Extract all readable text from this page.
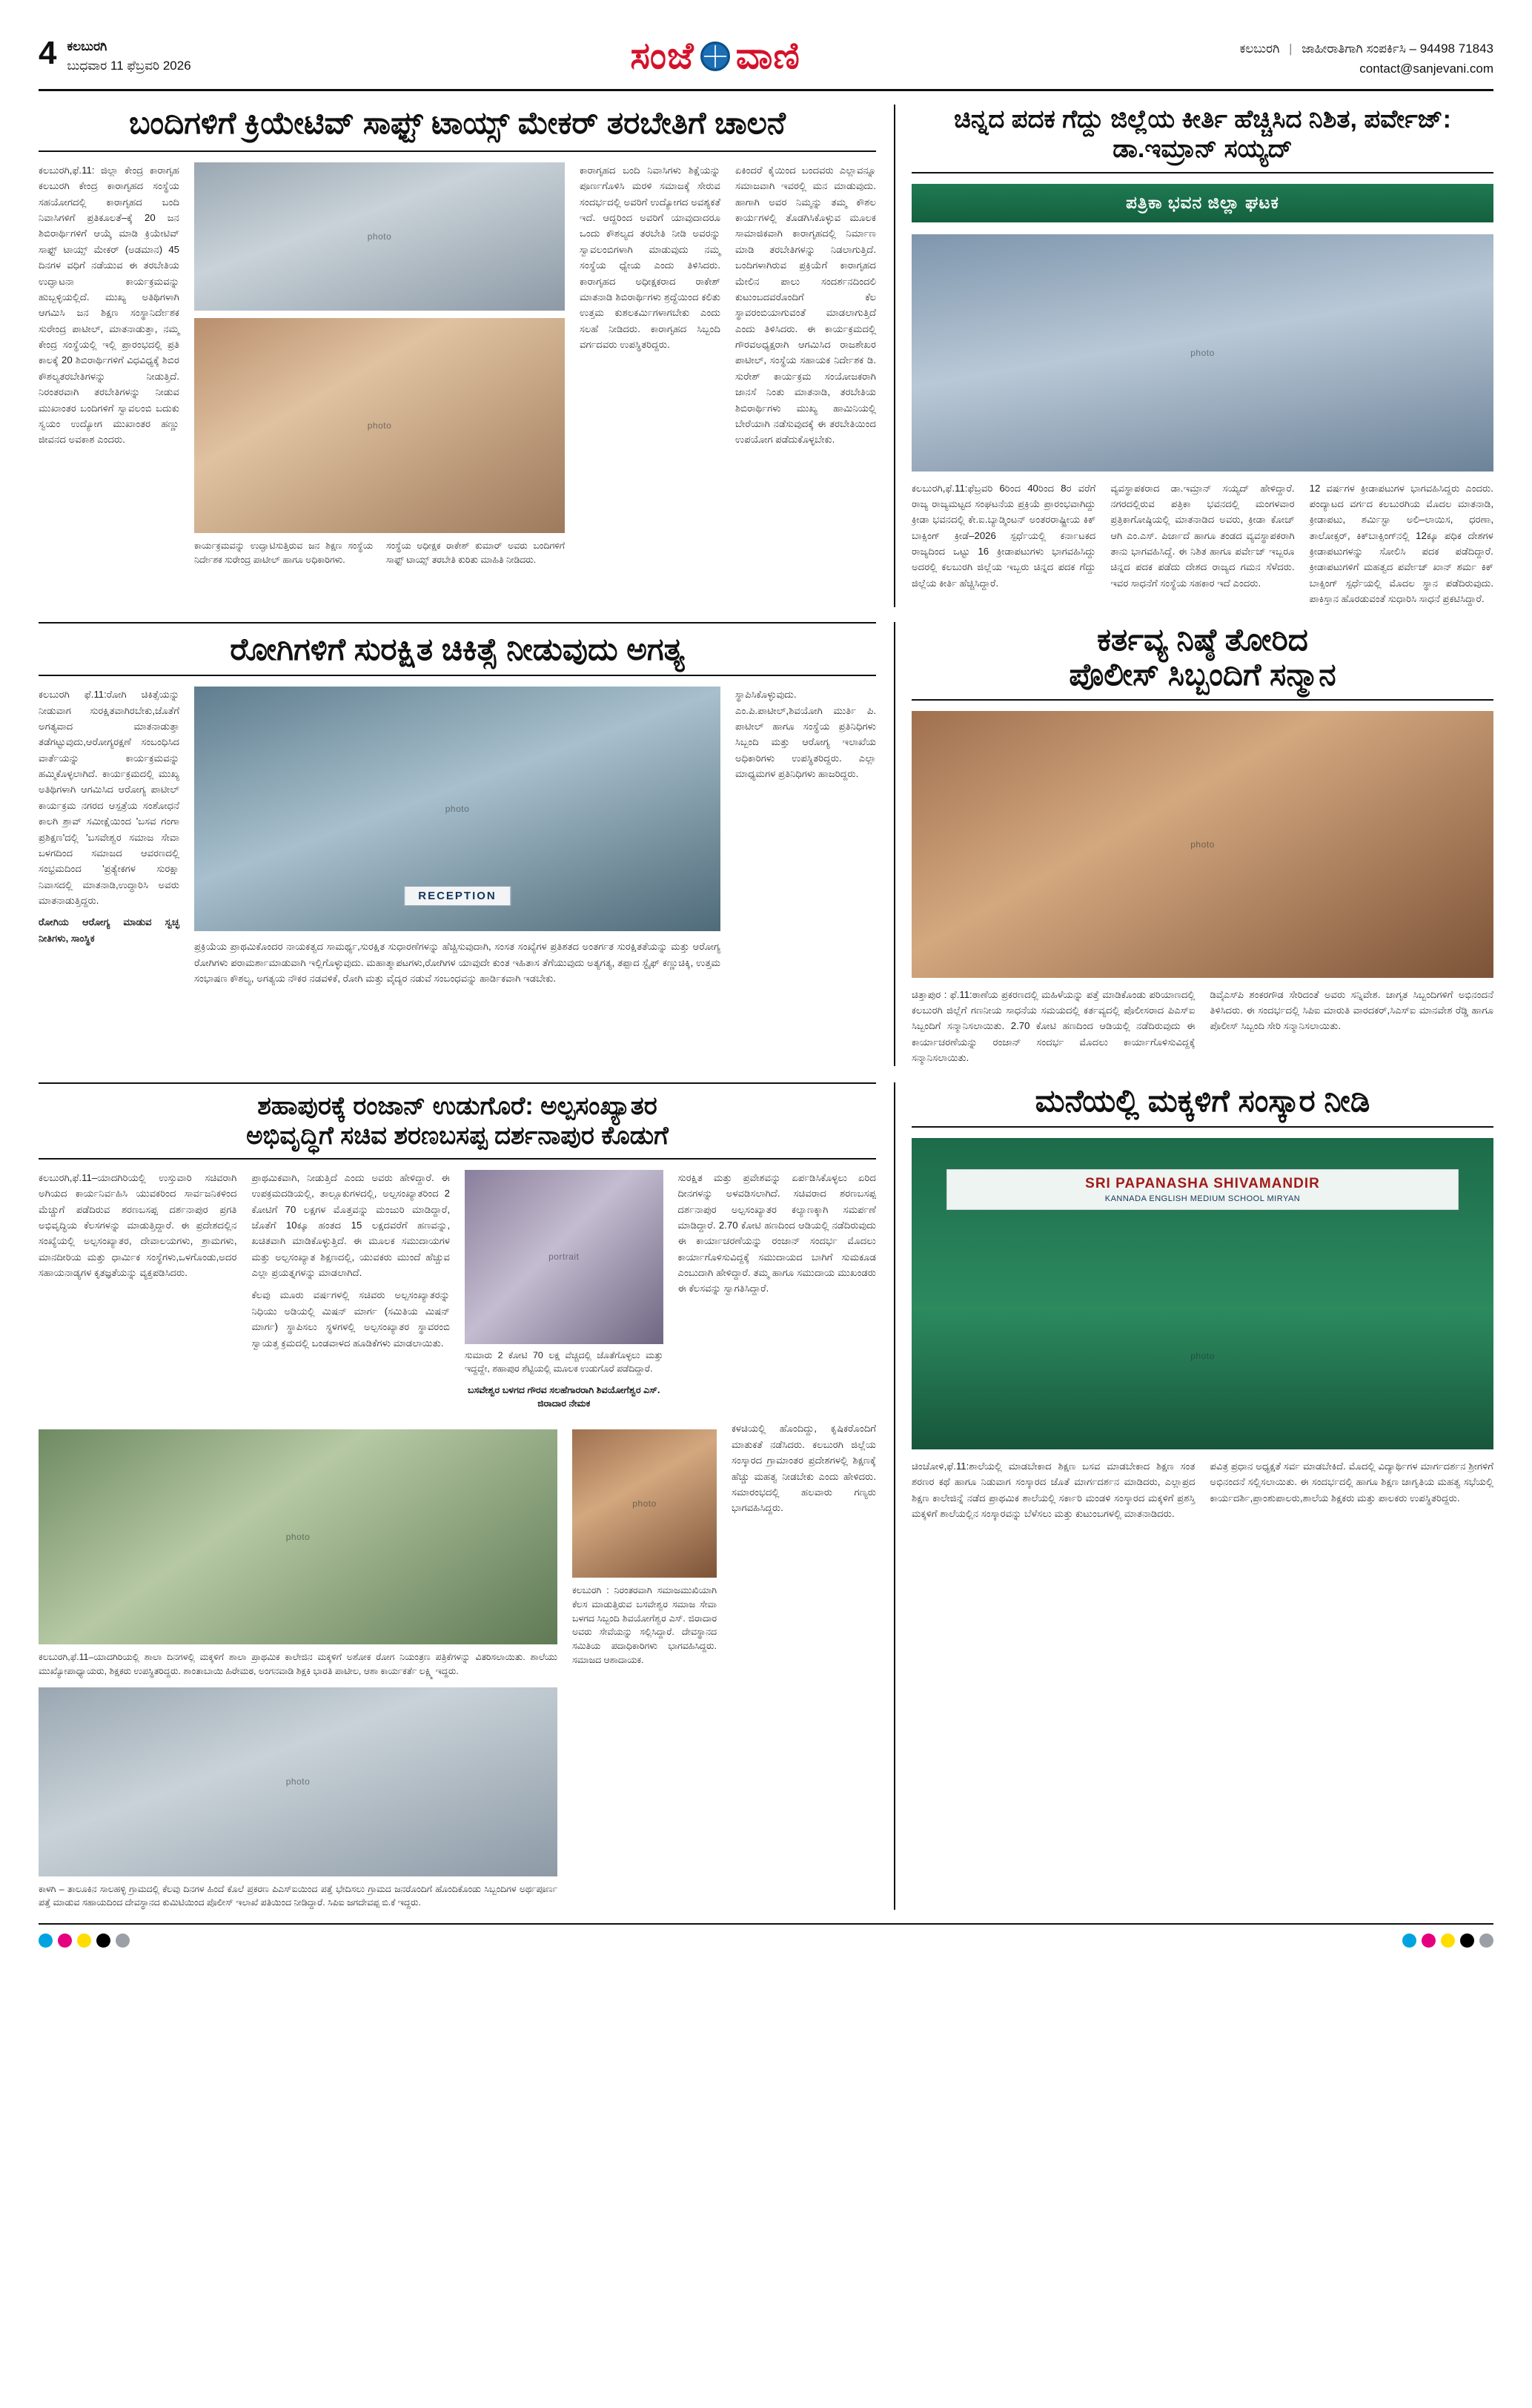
4 ಕಲಬುರಗಿ
ಬುಧವಾರ 11 ಫೆಬ್ರವರಿ 2026	ಸಂಜೆ ವಾಣಿ	ಕಲಬುರಗಿ | ಜಾಹೀರಾತಿಗಾಗಿ ಸಂಪರ್ಕಿಸಿ – 94498 71843
contact@sanjevani.com
ಬಂದಿಗಳಿಗೆ ಕ್ರಿಯೇಟಿವ್ ಸಾಫ್ಟ್ ಟಾಯ್ಸ್ ಮೇಕರ್ ತರಬೇತಿಗೆ ಚಾಲನೆ
ಕಲಬುರಗಿ,ಫೆ.11: ಜಿಲ್ಲಾ ಕೇಂದ್ರ ಕಾರಾಗೃಹ ಕಲಬುರಗಿ ಕೇಂದ್ರ ಕಾರಾಗೃಹದ ಸಂಸ್ಥೆಯ ಸಹಯೋಗದಲ್ಲಿ ಕಾರಾಗೃಹದ ಬಂದಿ ನಿವಾಸಿಗಳಿಗೆ ಪ್ರತಿಕೂಲತೆ–ಕ್ಕೆ 20 ಜನ ಶಿಬಿರಾರ್ಥಿಗಳಿಗೆ ಆಯ್ಕೆ ಮಾಡಿ ಕ್ರಿಯೇಟಿವ್ ಸಾಫ್ಟ್ ಟಾಯ್ಸ್ ಮೇಕರ್ (ಅಡಮಾನ) 45 ದಿನಗಳ ವಧಿಗೆ ನಡೆಯುವ ಈ ತರಬೇತಿಯ ಉದ್ಘಾಟನಾ ಕಾರ್ಯಕ್ರಮವನ್ನು ಹುಬ್ಬಳ್ಳಿಯಲ್ಲಿದೆ. ಮುಖ್ಯ ಅತಿಥಿಗಳಾಗಿ ಆಗಮಿಸಿ ಜನ ಶಿಕ್ಷಣ ಸಂಸ್ಥಾನಿರ್ದೇಶಕ ಸುರೇಂದ್ರ ಪಾಟೀಲ್, ಮಾತನಾಡುತ್ತಾ, ನಮ್ಮ ಕೇಂದ್ರ ಸಂಸ್ಥೆಯಲ್ಲಿ ಇಲ್ಲಿ ಪ್ರಾರಂಭದಲ್ಲಿ ಪ್ರತಿ ಕಾಲಕ್ಕೆ 20 ಶಿಬಿರಾರ್ಥಿಗಳಿಗೆ ವಿಧವಿಧ್ಯಕ್ಕೆ ಶಿಬಿರ ಕೌಶಲ್ಯತರಬೇತಿಗಳನ್ನು ನೀಡುತ್ತಿದೆ. ನಿರಂತರವಾಗಿ ತರಬೇತಿಗಳನ್ನು ನೀಡುವ ಮುಖಾಂತರ ಬಂದಿಗಳಿಗೆ ಸ್ವಾವಲಂಬಿ ಬದುಕು ಸ್ವಯಂ ಉದ್ಯೋಗ ಮುಖಾಂತರ ಹಣ್ಣು ಜೀವನದ ಅವಕಾಶ ಎಂದರು.
photo
photo
ಕಾರ್ಯಕ್ರಮವನ್ನು ಉದ್ಘಾಟಿಸುತ್ತಿರುವ ಜನ ಶಿಕ್ಷಣ ಸಂಸ್ಥೆಯ ನಿರ್ದೇಶಕ ಸುರೇಂದ್ರ ಪಾಟೀಲ್ ಹಾಗೂ ಅಧಿಕಾರಿಗಳು.
ಸಂಸ್ಥೆಯ ಅಧೀಕ್ಷಕ ರಾಕೇಶ್ ಕುಮಾರ್ ಅವರು ಬಂದಿಗಳಿಗೆ ಸಾಫ್ಟ್ ಟಾಯ್ಸ್ ತರಬೇತಿ ಕುರಿತು ಮಾಹಿತಿ ನೀಡಿದರು.
ಕಾರಾಗೃಹದ ಬಂದಿ ನಿವಾಸಿಗಳು ಶಿಕ್ಷೆಯನ್ನು ಪೂರ್ಣಗೊಳಿಸಿ ಮರಳಿ ಸಮಾಜಕ್ಕೆ ಸೇರುವ ಸಂದರ್ಭದಲ್ಲಿ ಅವರಿಗೆ ಉದ್ಯೋಗದ ಅವಶ್ಯಕತೆ ಇದೆ. ಆದ್ದರಿಂದ ಅವರಿಗೆ ಯಾವುದಾದರೂ ಒಂದು ಕೌಶಲ್ಯದ ತರಬೇತಿ ನೀಡಿ ಅವರನ್ನು ಸ್ವಾವಲಂಬಿಗಳಾಗಿ ಮಾಡುವುದು ನಮ್ಮ ಸಂಸ್ಥೆಯ ಧ್ಯೇಯ ಎಂದು ತಿಳಿಸಿದರು. ಕಾರಾಗೃಹದ ಅಧೀಕ್ಷಕರಾದ ರಾಕೇಶ್ ಮಾತನಾಡಿ ಶಿಬಿರಾರ್ಥಿಗಳು ಶ್ರದ್ಧೆಯಿಂದ ಕಲಿತು ಉತ್ತಮ ಕುಶಲಕರ್ಮಿಗಳಾಗಬೇಕು ಎಂದು ಸಲಹೆ ನೀಡಿದರು. ಕಾರಾಗೃಹದ ಸಿಬ್ಬಂದಿ ವರ್ಗದವರು ಉಪಸ್ಥಿತರಿದ್ದರು.
ಏಕಿಂದರೆ ಕೈಯಿಂದ ಬಂದವರು ಎಲ್ಲಾವನ್ನೂ ಸಮಾಜವಾಗಿ ಇವರಲ್ಲಿ ಮನ ಮಾಡುವುದು. ಹಾಗಾಗಿ ಅವರ ನಿಮ್ಮನ್ನು ತಮ್ಮ ಕೌಶಲ ಕಾರ್ಯಗಳಲ್ಲಿ ತೊಡಗಿಸಿಕೊಳ್ಳುವ ಮೂಲಕ ಸಾಮಾಜಿಕವಾಗಿ ಕಾರಾಗೃಹದಲ್ಲಿ ನಿರ್ಮಾಣ ಮಾಡಿ ತರಬೇತಿಗಳನ್ನು ನಿಡಲಾಗುತ್ತಿದೆ. ಬಂದಿಗಳಾಗಿರುವ ಪ್ರಕ್ರಿಯೆಗೆ ಕಾರಾಗೃಹದ ಮೇಲಿನ ಪಾಲು ಸಂದರ್ಶನದಿಂದಲಿ ಕುಟುಂಬದವರೊಂದಿಗೆ ಕೆಲ ಸ್ಥಾವರಂಬಿಯಾಗುವಂತೆ ಮಾಡಲಾಗುತ್ತಿದೆ ಎಂದು ತಿಳಿಸಿದರು. ಈ ಕಾರ್ಯಕ್ರಮದಲ್ಲಿ ಗೌರವಅಧ್ಯಕ್ಷರಾಗಿ ಆಗಮಿಸಿದ ರಾಜಶೇಖರ ಪಾಟೀಲ್, ಸಂಸ್ಥೆಯ ಸಹಾಯಕ ನಿರ್ದೇಶಕ ಡಿ. ಸುರೇಶ್ ಕಾರ್ಯಕ್ರಮ ಸಂಯೋಜಕರಾಗಿ ಜಾನಸೆ ನಿಂತು ಮಾತನಾಡಿ, ತರಬೇತಿಯ ಶಿಬಿರಾರ್ಥಿಗಳು ಮುಖ್ಯ ಹಾಮಿನಿಯಲ್ಲಿ ಬೇರೆಯಾಗಿ ನಡೆಸುವುದಕ್ಕೆ ಈ ತರಬೇತಿಯಿಂದ ಉಪಯೋಗ ಪಡೆದುಕೊಳ್ಳಬೇಕು.
ಚಿನ್ನದ ಪದಕ ಗೆದ್ದು ಜಿಲ್ಲೆಯ ಕೀರ್ತಿ ಹೆಚ್ಚಿಸಿದ ನಿಶಿತ, ಪರ್ವೇಜ್: ಡಾ.ಇಮ್ರಾನ್ ಸಯ್ಯದ್
ಪತ್ರಿಕಾ ಭವನ ಜಿಲ್ಲಾ ಘಟಕ
photo
ಕಲಬುರಗಿ,ಫೆ.11:ಫೆಬ್ರವರಿ 6ರಿಂದ 40ರಿಂದ 8ರ ವರೆಗೆ ರಾಜ್ಯ ರಾಜ್ಯಮಟ್ಟದ ಸಂಘಟನೆಯ ಪ್ರಕ್ರಿಯೆ ಪ್ರಾರಂಭವಾಗಿದ್ದು ಕ್ರೀಡಾ ಭವನದಲ್ಲಿ ಕೇ.ಐ.ಬ್ಯಾಡ್ಮಿಂಟನ್ ಅಂತರರಾಷ್ಟ್ರೀಯ ಕಿಕ್ ಬಾಕ್ಸಿಂಗ್ ಕ್ರೀಡೆ–2026 ಸ್ಪರ್ಧೆಯಲ್ಲಿ ಕರ್ನಾಟಕದ ರಾಜ್ಯದಿಂದ ಒಟ್ಟು 16 ಕ್ರೀಡಾಪಟುಗಳು ಭಾಗವಹಿಸಿದ್ದು ಅದರಲ್ಲಿ ಕಲಬುರಗಿ ಜಿಲ್ಲೆಯ ಇಬ್ಬರು ಚಿನ್ನದ ಪದಕ ಗೆದ್ದು ಜಿಲ್ಲೆಯ ಕೀರ್ತಿ ಹೆಚ್ಚಿಸಿದ್ದಾರೆ.
ವ್ಯವಸ್ಥಾಪಕರಾದ ಡಾ.ಇಮ್ರಾನ್ ಸಯ್ಯದ್ ಹೇಳಿದ್ದಾರೆ. ನಗರದಲ್ಲಿರುವ ಪತ್ರಿಕಾ ಭವನದಲ್ಲಿ ಮಂಗಳವಾರ ಪ್ರತ್ರಿಕಾಗೋಷ್ಠಿಯಲ್ಲಿ ಮಾತನಾಡಿದ ಅವರು, ಕ್ರೀಡಾ ಕೋಚ್ ಆಗಿ ಎಂ.ಎಸ್. ಪಿರ್ಜಾದೆ ಹಾಗೂ ತಂಡದ ವ್ಯವಸ್ಥಾಪಕರಾಗಿ ತಾನು ಭಾಗವಹಿಸಿದ್ದೆ. ಈ ನಿಶಿತ ಹಾಗೂ ಪರ್ವೇಜ್ ಇಬ್ಬರೂ ಚಿನ್ನದ ಪದಕ ಪಡೆದು ದೇಶದ ರಾಜ್ಯದ ಗಮನ ಸೆಳೆದರು. ಇವರ ಸಾಧನೆಗೆ ಸಂಸ್ಥೆಯ ಸಹಕಾರ ಇದೆ ಎಂದರು.
12 ವರ್ಷಗಳ ಕ್ರೀಡಾಪಟುಗಳ ಭಾಗವಹಿಸಿದ್ದರು ಎಂದರು. ಪಂದ್ಯಾಟದ ವರ್ಗದ ಕಲಬುರಗಿಯ ಮೊದಲ ಮಾತನಾಡಿ, ಕ್ರೀಡಾಪಟು, ಶರ್ಮಿಸ್ಟಾ ಅಲಿ–ಲಾಯಿಸ, ಧರಣಾ, ತಾಲೋಕ್ಸರ್, ಕಿಕ್‍ಬಾಕ್ಸಿಂಗ್‍ನಲ್ಲಿ 12ಕ್ಕೂ ಪಧಿಕ ದೇಶಗಳ ಕ್ರೀಡಾಪಟುಗಳನ್ನು ಸೋಲಿಸಿ ಪದಕ ಪಡೆದಿದ್ದಾರೆ. ಕ್ರೀಡಾಪಟುಗಳಿಗೆ ಮಹತ್ವದ ಪರ್ವೇಜ್ ಖಾನ್ ಶರ್ಮ ಕಿಕ್ ಬಾಕ್ಸಿಂಗ್ ಸ್ಪರ್ಧೆಯಲ್ಲಿ ಮೊದಲ ಸ್ಥಾನ ಪಡೆದಿರುವುದು. ಪಾಕಿಸ್ತಾನ ಹೊರಡುವಂತೆ ಸುಧಾರಿಸಿ ಸಾಧನೆ ಪ್ರಕಟಿಸಿದ್ದಾರೆ.
ರೋಗಿಗಳಿಗೆ ಸುರಕ್ಷಿತ ಚಿಕಿತ್ಸೆ ನೀಡುವುದು ಅಗತ್ಯ
ಕಲಬುರಗಿ ಫೆ.11:ರೋಗಿ ಚಿಕಿತ್ಸೆಯನ್ನು ನೀಡುವಾಗ ಸುರಕ್ಷಿತವಾಗಿರಬೇಕು,ಜೊತೆಗೆ ಅಗತ್ಯವಾದ ಮಾತನಾಡುತ್ತಾ ತಡೆಗಟ್ಟುವುದು,ಆರೋಗ್ಯರಕ್ಷಣೆ ಸಂಬಂಧಿಸಿದ ವಾರ್ತೆಯನ್ನು ಕಾರ್ಯಕ್ರಮವನ್ನು ಹಮ್ಮಿಕೊಳ್ಳಲಾಗಿದೆ. ಕಾರ್ಯಕ್ರಮದಲ್ಲಿ ಮುಖ್ಯ ಅತಿಥಿಗಳಾಗಿ ಆಗಮಿಸಿದ ಆರೋಗ್ಯ ಪಾಟೀಲ್ ಕಾರ್ಯಕ್ರಮ ನಗರದ ಆಸ್ಪತ್ರೆಯ ಸಂಶೋಧನೆ ಕಾಲಗಿ ಶ್ರಾವ್ ಸಮೀಕ್ಷೆಯಿಂದ 'ಬಸವ ಗಂಗಾ ಪ್ರಶಿಕ್ಷಣ'ದಲ್ಲಿ 'ಬಸವೇಶ್ವರ ಸಮಾಜ ಸೇವಾ ಬಳಗದಿಂದ ಸಮಾಜದ ಆವರಣದಲ್ಲಿ ಸಂಭ್ರಮದಿಂದ 'ಪ್ರತ್ಯೇಕಗಳ ಸುರಕ್ಷಾ ನಿವಾಸದಲ್ಲಿ ಮಾತನಾಡಿ,ಉದ್ಧಾರಿಸಿ ಅವರು ಮಾತನಾಡುತ್ತಿದ್ದರು.
ರೋಗಿಯ ಆರೋಗ್ಯ ಮಾಡುವ ಸ್ವಚ್ಛ ನೀತಿಗಳು, ಸಾಂಸ್ಥಿಕ
photo
RECEPTION
ಪ್ರಕ್ರಿಯೆಯ ಪ್ರಾಥಮಿಕೊಂದರ ನಾಯಕತ್ವದ ಸಾಮರ್ಥ್ಯ,ಸುರಕ್ಷಿತ ಸುಧಾರಣೆಗಳನ್ನು ಹೆಚ್ಚಿಸುವುದಾಗಿ, ಸಂಸತ ಸಂಖ್ಯೆಗಳ ಪ್ರತಿಶತದ ಅಂತರ್ಗತ ಸುರಕ್ಷಿತತೆಯನ್ನು ಮತ್ತು ಆರೋಗ್ಯ ರೋಗಿಗಳು ಪರಾಮರ್ಶಾಮಾಡುವಾಗಿ ಇಲ್ಲಿಗೊಳ್ಳುವುದು. ಮಹಾತ್ಮಾಪಟಗಳು,ರೋಗಿಗಳ ಯಾವುದೇ ಕುಂತ ಇಹಿತಾಸ ತೆಗೆಯುವುದು ಅತ್ಯಗತ್ಯ, ತಪ್ಪಾದ ಸ್ಟೈಫ್ ಕಣ್ಣುಚಿಕ್ಕಿ, ಉತ್ತಮ ಸಂಭಾಷಣ ಕೌಶಲ್ಯ, ಅಗತ್ಯಯ ನೌಕರ ನಡವಳಿಕೆ, ರೋಗಿ ಮತ್ತು ವೈದ್ಯರ ನಡುವೆ ಸಂಬಂಧವನ್ನು ಹಾರ್ಡಿಕವಾಗಿ ಇಡಬೇಕು.
ಸ್ಥಾಪಿಸಿಕೊಳ್ಳುವುದು. ಎಂ.ಪಿ.ಪಾಟೀಲ್,ಶಿವಯೋಗಿ ಮುರ್ತಿ ಪಿ. ಪಾಟೀಲ್ ಹಾಗೂ ಸಂಸ್ಥೆಯ ಪ್ರತಿನಿಧಿಗಳು ಸಿಬ್ಬಂದಿ ಮತ್ತು ಆರೋಗ್ಯ ಇಲಾಖೆಯ ಅಧಿಕಾರಿಗಳು ಉಪಸ್ಥಿತರಿದ್ದರು. ಎಲ್ಲಾ ಮಾಧ್ಯಮಗಳ ಪ್ರತಿನಿಧಿಗಳು ಹಾಜರಿದ್ದರು.
ಕರ್ತವ್ಯ ನಿಷ್ಠೆ ತೋರಿದ
ಪೊಲೀಸ್ ಸಿಬ್ಬಂದಿಗೆ ಸನ್ಮಾನ
photo
ಚಿತ್ತಾಪುರ : ಫೆ.11:ಠಾಣೆಯ ಪ್ರಕರಣದಲ್ಲಿ ಮಹಿಳೆಯನ್ನು ಪತ್ತೆ ಮಾಡಿಕೊಂಡು ಪರಿಯಾಣದಲ್ಲಿ ಕಲಬುರಗಿ ಜಿಲ್ಲೆಗೆ ಗಣನೀಯ ಸಾಧನೆಯ ಸಮಯದಲ್ಲಿ ಕರ್ತವ್ಯದಲ್ಲಿ ಪೊಲೀಸರಾದ ಪಿಎಸ್‍ಐ ಸಿಬ್ಬಂದಿಗೆ ಸನ್ಮಾನಿಸಲಾಯಿತು. 2.70 ಕೋಟಿ ಹಣದಿಂದ ಆಡಿಯಲ್ಲಿ ನಡೆದಿರುವುದು ಈ ಕಾರ್ಯಾಚರಣೆಯನ್ನು ರಂಜಾನ್ ಸಂದರ್ಭ ಮೊದಲು ಕಾರ್ಯಾಗೊಳಿಸುವಿದ್ದಕ್ಕೆ ಸನ್ಮಾನಿಸಲಾಯಿತು.
ಡಿವೈಎಸ್‍ಪಿ ಶಂಕರಗೌಡ ಸೇರಿದಂತೆ ಅವರು ಸನ್ನಿವೇಶ. ಜಾಗೃತ ಸಿಬ್ಬಂದಿಗಳಿಗೆ ಅಭಿನಂದನೆ ತಿಳಿಸಿದರು. ಈ ಸಂದರ್ಭದಲ್ಲಿ ಸಿಪಿಐ ಮಾರುತಿ ವಾರದಕರ್,ಸಿಎಸ್‍ಐ ಮಾನವೇಶ ರೆಡ್ಡಿ ಹಾಗೂ ಪೊಲೀಸ್ ಸಿಬ್ಬಂದಿ ಸೇರಿ ಸನ್ಮಾನಿಸಲಾಯಿತು.
ಶಹಾಪುರಕ್ಕೆ ರಂಜಾನ್ ಉಡುಗೊರೆ: ಅಲ್ಪಸಂಖ್ಯಾತರ
ಅಭಿವೃದ್ಧಿಗೆ ಸಚಿವ ಶರಣಬಸಪ್ಪ ದರ್ಶನಾಪುರ ಕೊಡುಗೆ
ಕಲಬುರಗಿ,ಫೆ.11–ಯಾದಗಿರಿಯಲ್ಲಿ ಉಸ್ತುವಾರಿ ಸಚಿವರಾಗಿ ಅಗಿಯದ ಕಾರ್ಯನಿರ್ವಹಿಸಿ ಯುವಕರಿಂದ ಸಾರ್ವಜನಿಕಳಿಂದ ಮೆಚ್ಚುಗೆ ಪಡೆದಿರುವ ಶರಣಬಸಪ್ಪ ದರ್ಶನಾಪುರ ಪ್ರಗತಿ ಅಭಿವೃದ್ಧಿಯ ಕೆಲಸಗಳನ್ನು ಮಾಡುತ್ತಿದ್ದಾರೆ. ಈ ಪ್ರದೇಶದಲ್ಲಿನ ಸಂಖ್ಯೆಯಲ್ಲಿ ಅಲ್ಪಸಂಖ್ಯಾತರ, ದೇವಾಲಯಗಳು, ಶ್ರಾಮಗಳು, ಮಾನದೀರಿಯ ಮತ್ತು ಧಾರ್ಮಿಕ ಸಂಸ್ಥೆಗಳು,ಒಳಗೊಂಡು,ಅದರ ಸಹಾಯನಾಡ್ಯಗಳ ಕೃತಜ್ಞತೆಯನ್ನು ವ್ಯಕ್ತಪಡಿಸಿದರು.
ಪ್ರಾಥಮಿಕವಾಗಿ, ನೀಡುತ್ತಿದೆ ಎಂದು ಅವರು ಹೇಳಿದ್ದಾರೆ. ಈ ಉಪಕ್ರಮದಡಿಯಲ್ಲಿ, ತಾಲ್ಲೂಕುಗಳದಲ್ಲಿ, ಅಲ್ಪಸಂಖ್ಯಾತರಿಂದ 2 ಕೋಟಿಗೆ 70 ಲಕ್ಷಗಳ ಮೊತ್ತವನ್ನು ಮಂಜುರಿ ಮಾಡಿದ್ದಾರೆ, ಜೊತೆಗೆ 10ಕ್ಕೂ ಹಂತದ 15 ಲಕ್ಷದವರೆಗೆ ಹಣವನ್ನು, ಖಚಿತವಾಗಿ ಮಾಡಿಕೊಳ್ಳುತ್ತಿದೆ. ಈ ಮೂಲಕ ಸಮುದಾಯಗಳ ಮತ್ತು ಅಲ್ಪಸಂಖ್ಯಾತ ಶಿಕ್ಷಣದಲ್ಲಿ, ಯುವಕರು ಮುಂದೆ ಹೆಚ್ಚುವ ಎಲ್ಲಾ ಪ್ರಯತ್ನಗಳನ್ನು ಮಾಡಲಾಗಿದೆ.
ಕೆಲವು ಮೂರು ವರ್ಷಗಳಲ್ಲಿ ಸಚಿವರು ಅಲ್ಪಸಂಖ್ಯಾತರನ್ನು ನಿಧಿಯು ಅಡಿಯಲ್ಲಿ ಮಿಷನ್ ಮಾರ್ಗ (ಸಮಿತಿಯ ಮಿಷನ್ ಮಾರ್ಗ) ಸ್ಥಾಪಿಸಲು ಸ್ಥಳಗಳಲ್ಲಿ ಅಲ್ಪಸಂಖ್ಯಾತರ ಸ್ಥಾವರಂಬಿ ಸ್ವಾಯತ್ತ ಕ್ರಮದಲ್ಲಿ ಬಂಡವಾಳದ ಹೂಡಿಕೆಗಳು ಮಾಡಲಾಯಿತು.
portrait
ಸುಮಾರು 2 ಕೋಟಿ 70 ಲಕ್ಷ ವೆಚ್ಚದಲ್ಲಿ ಜೊತೆಗೊಳ್ಳಲು ಮತ್ತು ಇದ್ದದ್ದೇ, ಶಹಾಪುರ ಶೆಟ್ಟಿಯಲ್ಲಿ ಮೂಲಕ ಉಡುಗೊರೆ ಪಡೆದಿದ್ದಾರೆ.
ಬಸವೇಶ್ವರ ಬಳಗದ ಗೌರವ ಸಲಹೆಗಾರರಾಗಿ ಶಿವಯೋಗೆಶ್ವರ ಎಸ್. ಜಿರಾದಾರ ನೇಮಕ
ಸುರಕ್ಷಿತ ಮತ್ತು ಪ್ರವೇಶವನ್ನು ಏರ್ಪಡಿಸಿಕೊಳ್ಳಲು ಏರಿದ ದೀನಗಳನ್ನು ಅಳವಡಿಸಲಾಗಿದೆ. ಸಚಿವರಾದ ಶರಣಬಸಪ್ಪ ದರ್ಶನಾಪುರ ಅಲ್ಪಸಂಖ್ಯಾತರ ಕಲ್ಯಾಣಕ್ಕಾಗಿ ಸಮರ್ಪಣೆ ಮಾಡಿದ್ದಾರೆ. 2.70 ಕೋಟಿ ಹಣದಿಂದ ಆಡಿಯಲ್ಲಿ ನಡೆದಿರುವುದು ಈ ಕಾರ್ಯಾಚರಣೆಯನ್ನು ರಂಜಾನ್ ಸಂದರ್ಭ ಮೊದಲು ಕಾರ್ಯಾಗೊಳಿಸುವಿದ್ದಕ್ಕೆ ಸಮುದಾಯದ ಬಾಗಿಗೆ ಸುಮಕೂಡ ಎಂಬುದಾಗಿ ಹೇಳಿದ್ದಾರೆ. ತಮ್ಮ ಹಾಗೂ ಸಮುದಾಯ ಮುಖಂಡರು ಈ ಕೆಲಸವನ್ನು ಸ್ವಾಗತಿಸಿದ್ದಾರೆ.
photo
ಕಲಬುರಗಿ,ಫೆ.11–ಯಾದಗಿರಿಯಲ್ಲಿ ಶಾಲಾ ದಿನಗಳಲ್ಲಿ ಮಕ್ಕಳಿಗೆ ಶಾಲಾ ಪ್ರಾಥಮಿಕ ಕಾಲೇಜಿನ ಮಕ್ಕಳಿಗೆ ಅಶೋಕ ರೋಗ ನಿಯಂತ್ರಣ ಪತ್ರಿಕೆಗಳನ್ನು ವಿತರಿಸಲಾಯಿತು. ಶಾಲೆಯು ಮುಖ್ಯೋಪಾಧ್ಯಾಯರು, ಶಿಕ್ಷಕರು ಉಪಸ್ಥಿತರಿದ್ದರು. ಶಾಂತಾಬಾಯಿ ಹಿರೇಮಠ, ಅಂಗನವಾಡಿ ಶಿಕ್ಷಕಿ ಭಾರತಿ ಪಾಟೀಲ, ಆಶಾ ಕಾರ್ಯಕರ್ತೆ ಲಕ್ಷ್ಮಿ ಇದ್ದರು.
photo
ಕಾಳಗಿ – ತಾಲೂಕಿನ ಸಾಲಹಳ್ಳಿ ಗ್ರಾಮದಲ್ಲಿ ಕೆಲವು ದಿನಗಳ ಹಿಂದೆ ಕೊಲೆ ಪ್ರಕರಣ ಪಿಎಸ್‍ಐಯಿಂದ ಪತ್ತೆ ಭೇದಿಸಲು ಗ್ರಾಮದ ಜನರೊಂದಿಗೆ ಹೊಂದಿಕೊಂಡು ಸಿಬ್ಬಂದಿಗಳ ಅರ್ಥಪೂರ್ಣ ಪತ್ತೆ ಮಾಡುವ ಸಹಾಯದಿಂದ ದೇವಸ್ಥಾನದ ಕುಮಿಟಿಯಿಂದ ಪೊಲೀಸ್ ಇಲಾಖೆ ಪತಿಯಿಂದ ನೀಡಿದ್ದಾರೆ. ಸಿಪಿಐ ಜಗದೇವಪ್ಪ ಬಿ.ಕೆ ಇದ್ದರು.
photo
ಕಲಬುರಗಿ : ನಿರಂತರವಾಗಿ ಸಮಾಜಮುಖಿಯಾಗಿ ಕೆಲಸ ಮಾಡುತ್ತಿರುವ ಬಸವೇಶ್ವರ ಸಮಾಜ ಸೇವಾ ಬಳಗದ ಸಿಬ್ಬಂದಿ ಶಿವಯೋಗೆಶ್ವರ ಎಸ್. ಜಿರಾದಾರ ಅವರು ಸೇವೆಯನ್ನು ಸಲ್ಲಿಸಿದ್ದಾರೆ. ದೇವಸ್ಥಾನದ ಸಮಿತಿಯ ಪದಾಧಿಕಾರಿಗಳು ಭಾಗವಹಿಸಿದ್ದರು. ಸಮಾಜದ ಆಶಾದಾಯಕ.
ಕಳಚಿಯಲ್ಲಿ ಹೊಂದಿದ್ದು, ಕೃಷಿಕರೊಂದಿಗೆ ಮಾತುಕತೆ ನಡೆಸಿದರು. ಕಲಬುರಗಿ ಜಿಲ್ಲೆಯ ಸಂಸ್ಕಾರದ ಗ್ರಾಮಾಂತರ ಪ್ರದೇಶಗಳಲ್ಲಿ ಶಿಕ್ಷಣಕ್ಕೆ ಹೆಚ್ಚು ಮಹತ್ವ ನೀಡಬೇಕು ಎಂದು ಹೇಳಿದರು. ಸಮಾರಂಭದಲ್ಲಿ ಹಲವಾರು ಗಣ್ಯರು ಭಾಗವಹಿಸಿದ್ದರು.
ಮನೆಯಲ್ಲಿ ಮಕ್ಕಳಿಗೆ ಸಂಸ್ಕಾರ ನೀಡಿ
SRI PAPANASHA SHIVAMANDIR
KANNADA ENGLISH MEDIUM SCHOOL MIRYAN
photo
ಚಿಂಚೋಳಿ,ಫೆ.11:ಶಾಲೆಯಲ್ಲಿ ಮಾಡಬೇಕಾದ ಶಿಕ್ಷಣ ಬಸವ ಮಾಡಬೇಕಾದ ಶಿಕ್ಷಣ ಸಂತ ಶರಣರ ಕಥೆ ಹಾಗೂ ನಿಡುವಾಗ ಸಂಸ್ಕಾರದ ಜೊತೆ ಮಾರ್ಗದರ್ಶನ ಮಾಡಿದರು, ಎಲ್ಲಾಪ್ರದ ಶಿಕ್ಷಣ ಕಾಲೇಜಿನ್ನೆ ನಡೆದ ಪ್ರಾಥಮಿಕ ಶಾಲೆಯಲ್ಲಿ ಸರ್ಕಾರಿ ಮಂಡಳಿ ಸಂಸ್ಕಾರದ ಮಕ್ಕಳಿಗೆ ಪ್ರಶಸ್ತಿ ಮಕ್ಕಳಿಗೆ ಶಾಲೆಯಲ್ಲಿನ ಸಂಸ್ಕಾರವನ್ನು ಬೆಳೆಸಲು ಮತ್ತು ಕುಟುಂಬಗಳಲ್ಲಿ ಮಾತನಾಡಿದರು.
ಪವಿತ್ರ ಪ್ರಧಾನ ಅಧ್ಯಕ್ಷತೆ ಸರ್ವ ಮಾಡಬೇಕಿದೆ. ಮೊದಲ್ಲಿ ವಿದ್ಯಾರ್ಥಿಗಳ ಮಾರ್ಗದರ್ಶನ ಶ್ರೀಗಳಿಗೆ ಅಭಿನಂದನೆ ಸಲ್ಲಿಸಲಾಯಿತು. ಈ ಸಂದರ್ಭದಲ್ಲಿ ಹಾಗೂ ಶಿಕ್ಷಣ ಜಾಗೃತಿಯ ಮಹತ್ವ ಸಭೆಯಲ್ಲಿ ಕಾರ್ಯದರ್ಶಿ,ಪ್ರಾಂಶುಪಾಲರು,ಶಾಲೆಯ ಶಿಕ್ಷಕರು ಮತ್ತು ಪಾಲಕರು ಉಪಸ್ಥಿತರಿದ್ದರು.
